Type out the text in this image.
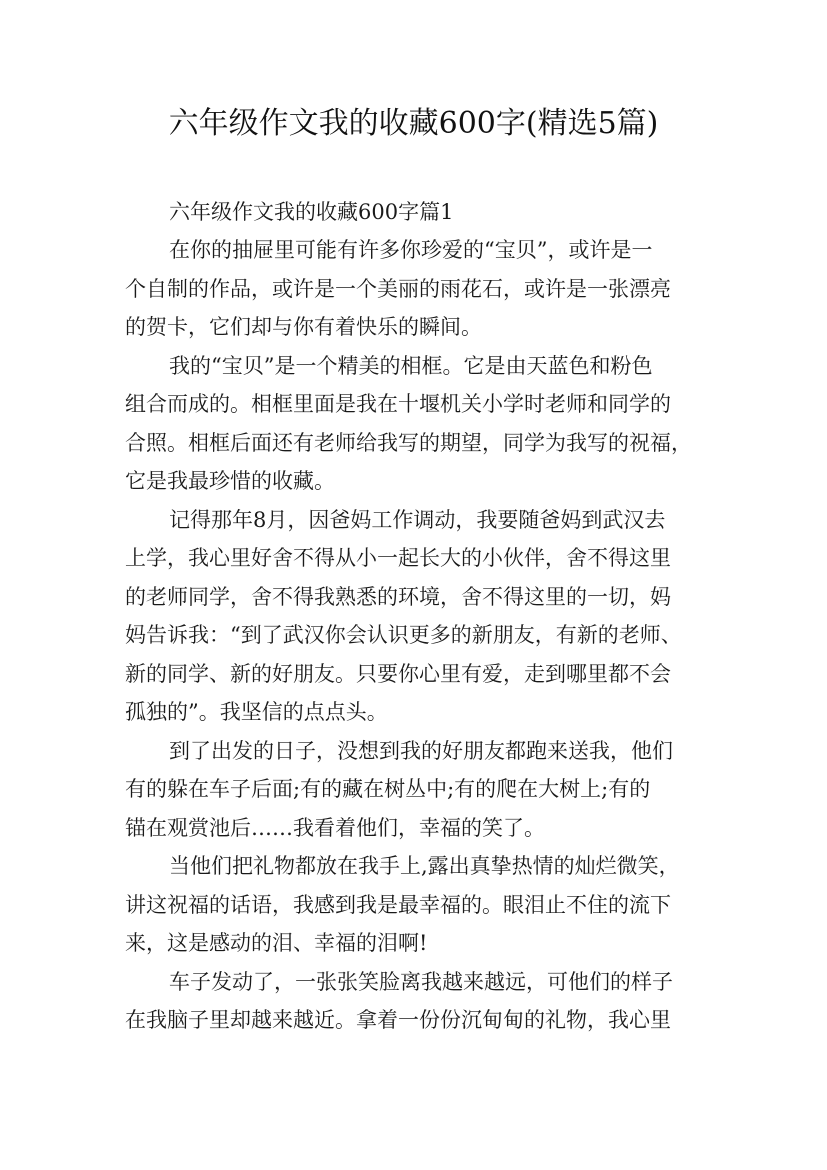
六年级作文我的收藏600字(精选5篇)
六年级作文我的收藏600字篇1
在你的抽屉里可能有许多你珍爱的“宝贝”，或许是一
个自制的作品，或许是一个美丽的雨花石，或许是一张漂亮
的贺卡，它们却与你有着快乐的瞬间。
我的“宝贝”是一个精美的相框。它是由天蓝色和粉色
组合而成的。相框里面是我在十堰机关小学时老师和同学的
合照。相框后面还有老师给我写的期望，同学为我写的祝福，
它是我最珍惜的收藏。
记得那年8月，因爸妈工作调动，我要随爸妈到武汉去
上学，我心里好舍不得从小一起长大的小伙伴，舍不得这里
的老师同学，舍不得我熟悉的环境，舍不得这里的一切，妈
妈告诉我：“到了武汉你会认识更多的新朋友，有新的老师、
新的同学、新的好朋友。只要你心里有爱，走到哪里都不会
孤独的”。我坚信的点点头。
到了出发的日子，没想到我的好朋友都跑来送我，他们
有的躲在车子后面;有的藏在树丛中;有的爬在大树上;有的
锚在观赏池后……我看着他们，幸福的笑了。
当他们把礼物都放在我手上,露出真挚热情的灿烂微笑，
讲这祝福的话语，我感到我是最幸福的。眼泪止不住的流下
来，这是感动的泪、幸福的泪啊!
车子发动了，一张张笑脸离我越来越远，可他们的样子
在我脑子里却越来越近。拿着一份份沉甸甸的礼物，我心里
